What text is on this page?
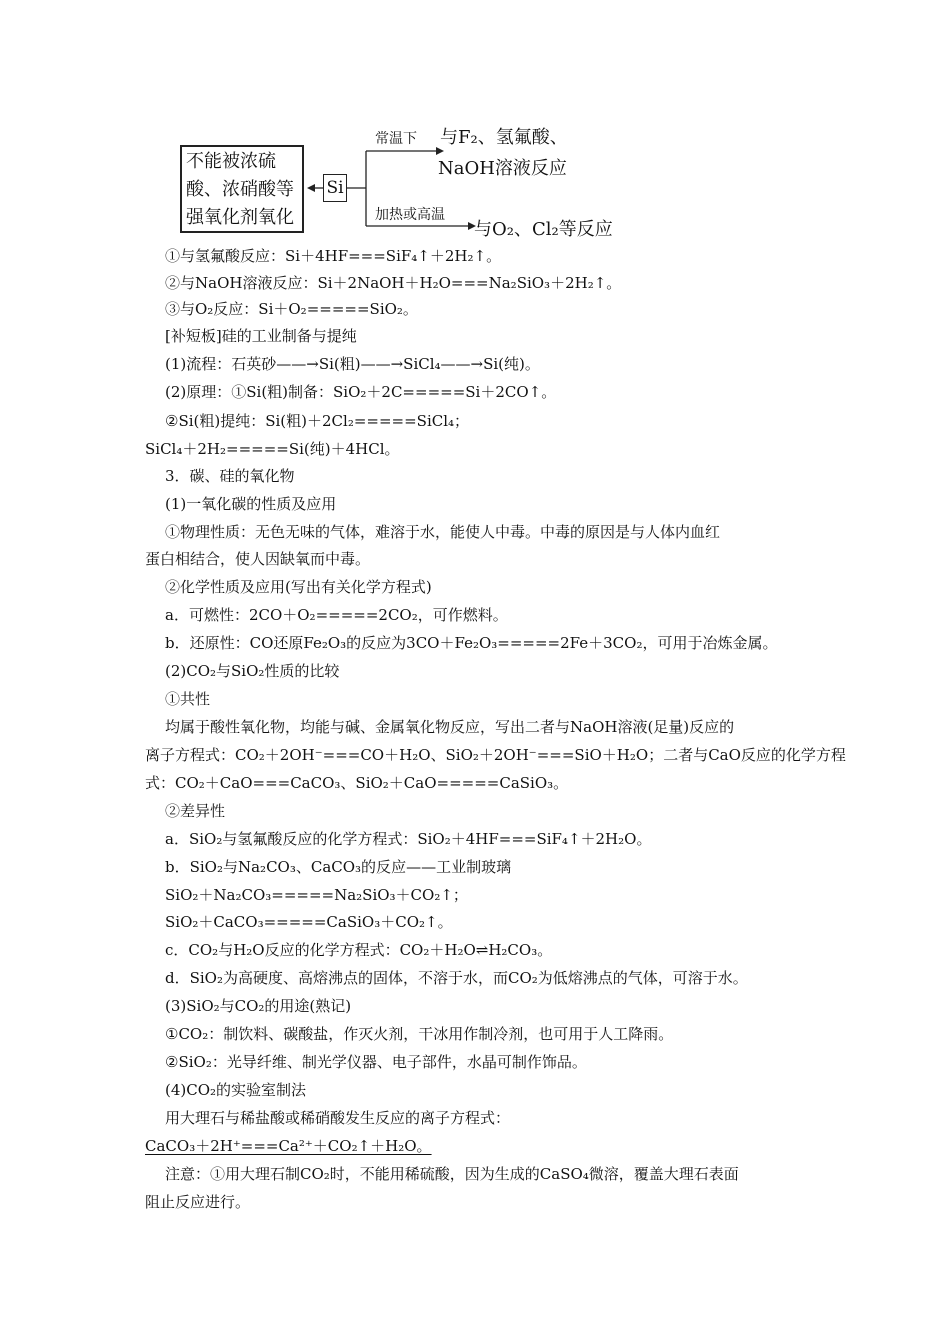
不能被浓硫
酸、浓硝酸等
强氧化剂氧化
Si
常温下 与F₂、氢氟酸、
NaOH溶液反应
加热或高温
与O₂、Cl₂等反应
①与氢氟酸反应：Si＋4HF===SiF₄↑＋2H₂↑。
②与NaOH溶液反应：Si＋2NaOH＋H₂O===Na₂SiO₃＋2H₂↑。
③与O₂反应：Si＋O₂=====SiO₂。
[补短板]硅的工业制备与提纯
(1)流程：石英砂——→Si(粗)——→SiCl₄——→Si(纯)。
(2)原理：①Si(粗)制备：SiO₂＋2C=====Si＋2CO↑。
②Si(粗)提纯：Si(粗)＋2Cl₂=====SiCl₄；
SiCl₄＋2H₂=====Si(纯)＋4HCl。
3．碳、硅的氧化物
(1)一氧化碳的性质及应用
①物理性质：无色无味的气体，难溶于水，能使人中毒。中毒的原因是与人体内血红
蛋白相结合，使人因缺氧而中毒。
②化学性质及应用(写出有关化学方程式)
a．可燃性：2CO＋O₂=====2CO₂，可作燃料。
b．还原性：CO还原Fe₂O₃的反应为3CO＋Fe₂O₃=====2Fe＋3CO₂，可用于冶炼金属。
(2)CO₂与SiO₂性质的比较
①共性
均属于酸性氧化物，均能与碱、金属氧化物反应，写出二者与NaOH溶液(足量)反应的
离子方程式：CO₂＋2OH⁻===CO＋H₂O、SiO₂＋2OH⁻===SiO＋H₂O；二者与CaO反应的化学方程
式：CO₂＋CaO===CaCO₃、SiO₂＋CaO=====CaSiO₃。
②差异性
a．SiO₂与氢氟酸反应的化学方程式：SiO₂＋4HF===SiF₄↑＋2H₂O。
b．SiO₂与Na₂CO₃、CaCO₃的反应——工业制玻璃
SiO₂＋Na₂CO₃=====Na₂SiO₃＋CO₂↑；
SiO₂＋CaCO₃=====CaSiO₃＋CO₂↑。
c．CO₂与H₂O反应的化学方程式：CO₂＋H₂O⇌H₂CO₃。
d．SiO₂为高硬度、高熔沸点的固体，不溶于水，而CO₂为低熔沸点的气体，可溶于水。
(3)SiO₂与CO₂的用途(熟记)
①CO₂：制饮料、碳酸盐，作灭火剂，干冰用作制冷剂，也可用于人工降雨。
②SiO₂：光导纤维、制光学仪器、电子部件，水晶可制作饰品。
(4)CO₂的实验室制法
用大理石与稀盐酸或稀硝酸发生反应的离子方程式：
CaCO₃＋2H⁺===Ca²⁺＋CO₂↑＋H₂O。
注意：①用大理石制CO₂时，不能用稀硫酸，因为生成的CaSO₄微溶，覆盖大理石表面
阻止反应进行。
